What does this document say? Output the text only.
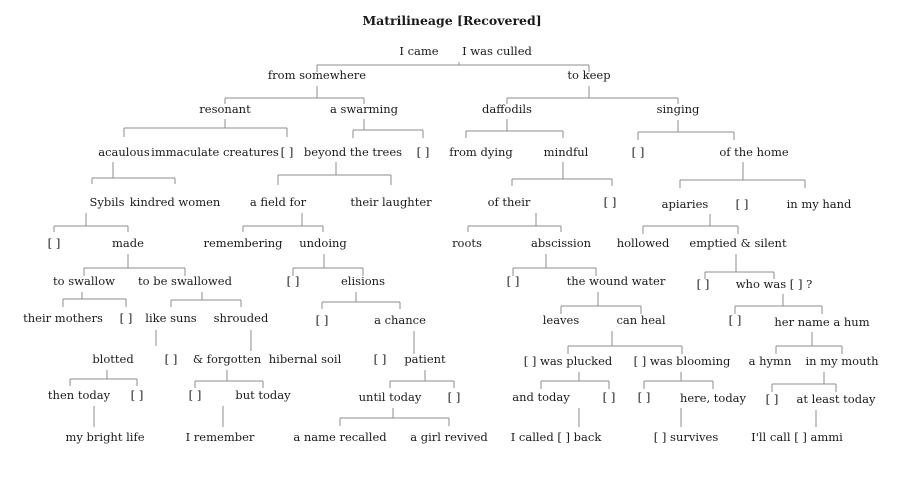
Matrilineage [Recovered]
I came I was culled
from somewhere	to keep
resonant	a swarming	daffodils	singing
acaulous immaculate creatures [ ] beyond the trees [ ] from dying	mindful	[ ]	of the home
Sybils kindred women	a field for	their laughter	of their	[ ]	apiaries [ ]	in my hand
[ ]	made	remembering undoing	roots	abscission hollowed emptied & silent
to swallow to be swallowed	[ ]	elisions	[ ]	the wound water	[ ] who was [ ] ?
their mothers [ ] like suns shrouded	[ ]	a chance	leaves	can heal	[ ]	her name a hum
blotted	[ ] & forgotten hibernal soil	[ ] patient	[ ] was plucked [ ] was blooming a hymn in my mouth
then today [ ]	[ ]	but today	until today [ ]	and today	[ ] [ ]	here, today [ ] at least today
my bright life	I remember	a name recalled a girl revived I called [ ] back	[ ] survives	I'll call [ ] ammi
